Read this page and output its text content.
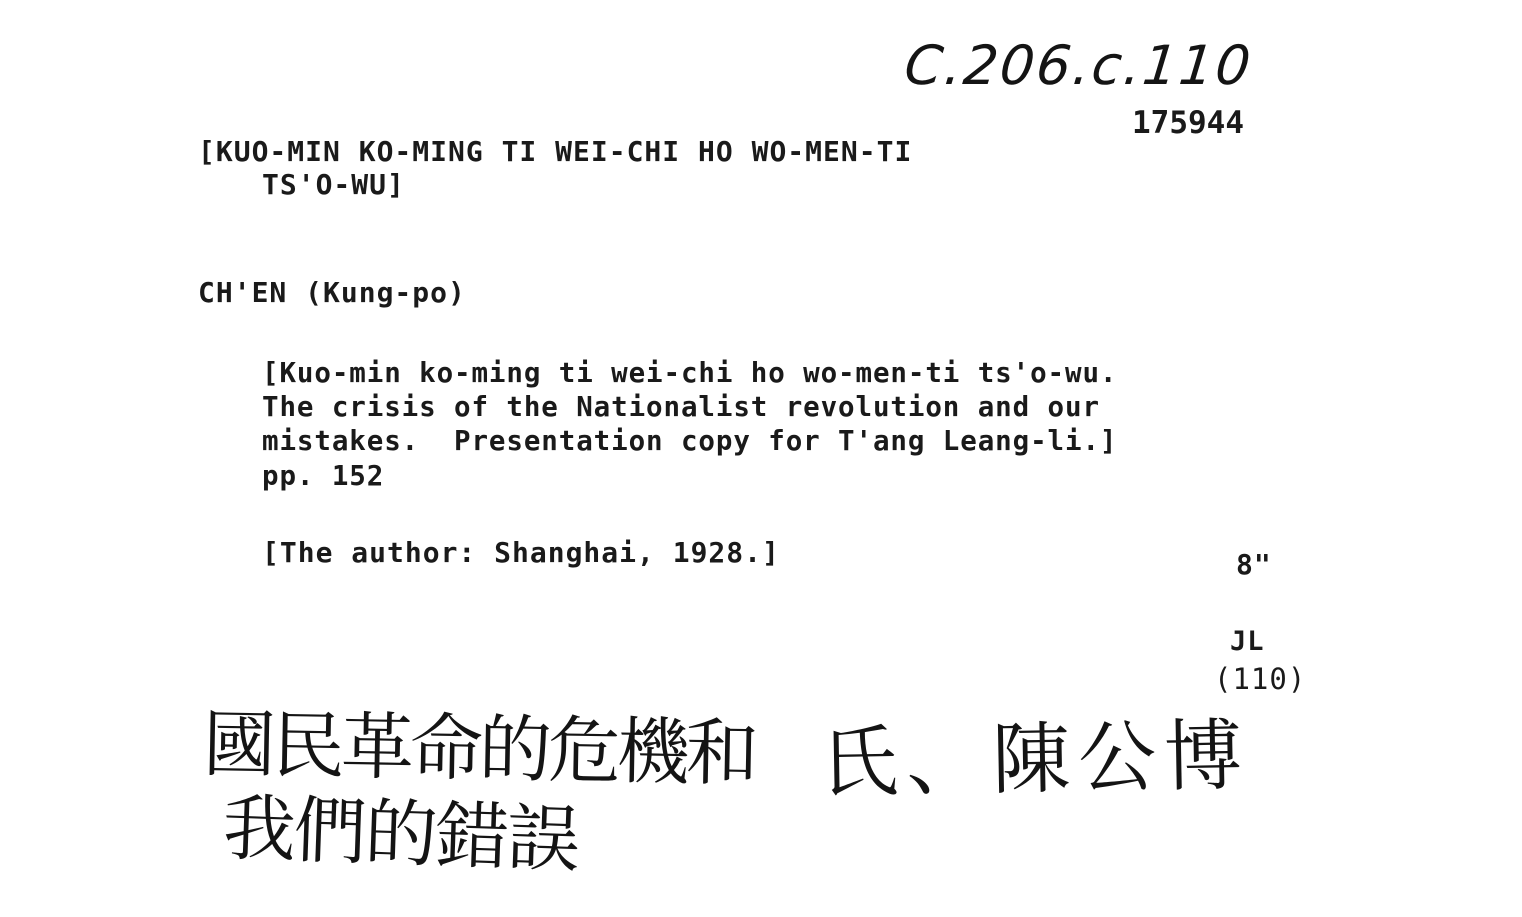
C.206.c.110

175944

[KUO-MIN KO-MING TI WEI-CHI HO WO-MEN-TI

TS'O-WU]

CH'EN (Kung-po)

[Kuo-min ko-ming ti wei-chi ho wo-men-ti ts'o-wu.

The crisis of the Nationalist revolution and our

mistakes.  Presentation copy for T'ang Leang-li.]

pp. 152

[The author: Shanghai, 1928.]	8"

JL

(110)

國民革命的危機和

我們的錯誤

氏、陳公博
